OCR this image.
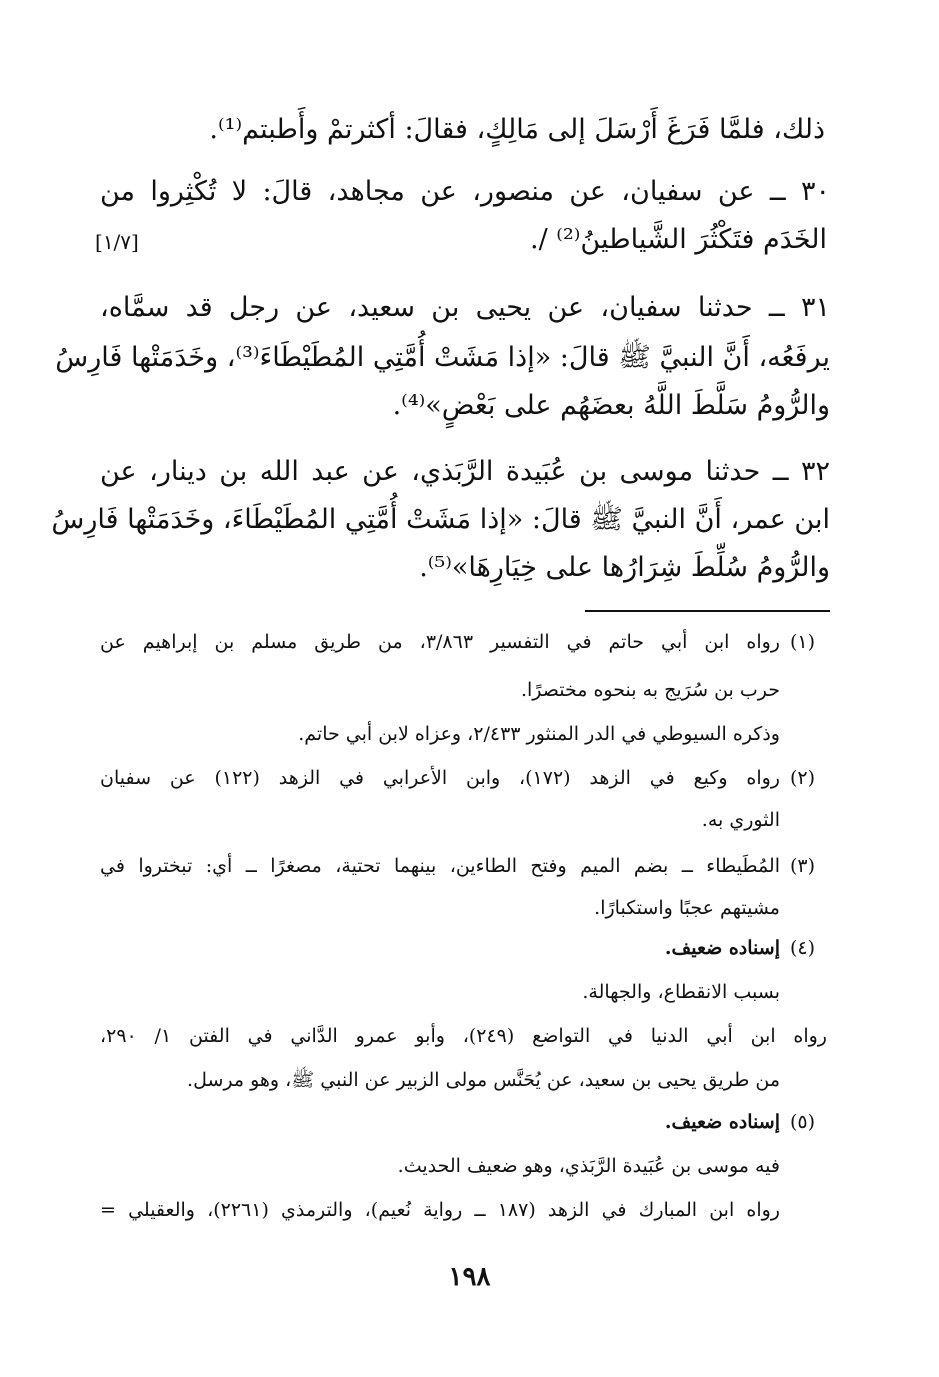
ذلك، فلمَّا فَرَغَ أَرْسَلَ إلى مَالِكٍ، فقالَ: أكثرتمْ وأَطبتم⁽¹⁾.
٣٠ ــ عن سفيان، عن منصور، عن مجاهد، قالَ: لا تُكْثِروا من
الخَدَم فتَكْثُرَ الشَّياطينُ⁽²⁾ /.
[١/٧]
٣١ ــ حدثنا سفيان، عن يحيى بن سعيد، عن رجل قد سمَّاه،
يرفَعُه، أَنَّ النبيَّ ﷺ قالَ: «إذا مَشَتْ أُمَّتِي المُطَيْطَاءَ⁽³⁾، وخَدَمَتْها فَارِسُ
والرُّومُ سَلَّطَ اللَّهُ بعضَهُم على بَعْضٍ»⁽⁴⁾.
٣٢ ــ حدثنا موسى بن عُبَيدة الرَّبَذي، عن عبد الله بن دينار، عن
ابن عمر، أَنَّ النبيَّ ﷺ قالَ: «إذا مَشَتْ أُمَّتِي المُطَيْطَاءَ، وخَدَمَتْها فَارِسُ
والرُّومُ سُلِّطَ شِرَارُها على خِيَارِهَا»⁽⁵⁾.
(١)
رواه ابن أبي حاتم في التفسير ٣/٨٦٣، من طريق مسلم بن إبراهيم عن
حرب بن سُرَيج به بنحوه مختصرًا.
وذكره السيوطي في الدر المنثور ٢/٤٣٣، وعزاه لابن أبي حاتم.
(٢)
رواه وكيع في الزهد (١٧٢)، وابن الأعرابي في الزهد (١٢٢) عن سفيان
الثوري به.
(٣)
المُطَيطاء ــ بضم الميم وفتح الطاءين، بينهما تحتية، مصغرًا ــ أي: تبختروا في
مشيتهم عجبًا واستكبارًا.
(٤)
إسناده ضعيف.
بسبب الانقطاع، والجهالة.
رواه ابن أبي الدنيا في التواضع (٢٤٩)، وأبو عمرو الدَّاني في الفتن ١/ ٢٩٠،
من طريق يحيى بن سعيد، عن يُحَنَّس مولى الزبير عن النبي ﷺ، وهو مرسل.
(٥)
إسناده ضعيف.
فيه موسى بن عُبَيدة الرَّبَذي، وهو ضعيف الحديث.
رواه ابن المبارك في الزهد (١٨٧ ــ رواية نُعيم)، والترمذي (٢٢٦١)، والعقيلي =
١٩٨
